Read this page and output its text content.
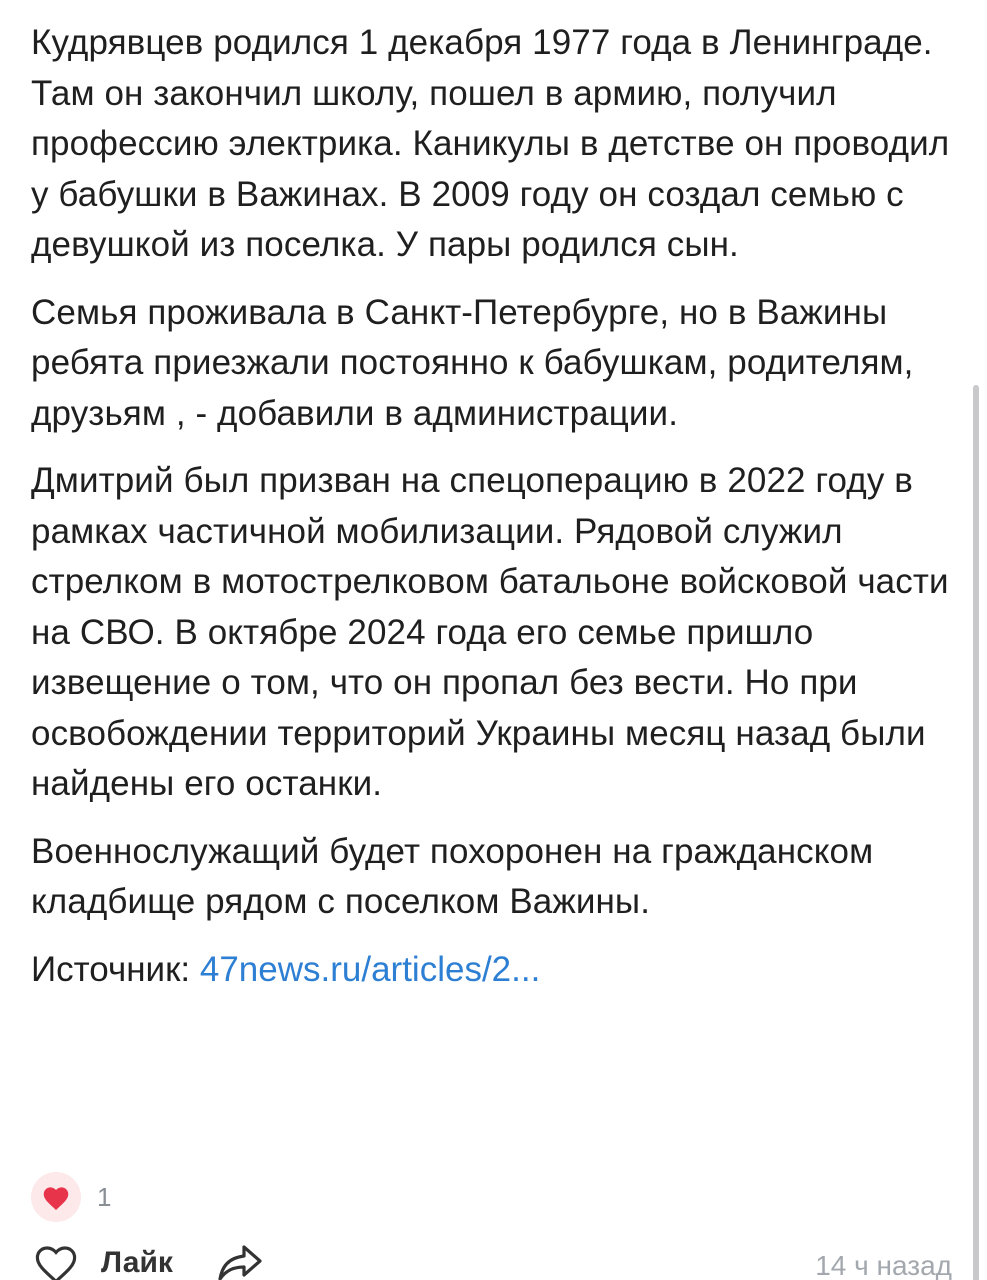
Кудрявцев родился 1 декабря 1977 года в Ленинграде. Там он закончил школу, пошел в армию, получил профессию электрика. Каникулы в детстве он проводил у бабушки в Важинах. В 2009 году он создал семью с девушкой из поселка. У пары родился сын.

Семья проживала в Санкт-Петербурге, но в Важины ребята приезжали постоянно к бабушкам, родителям, друзьям , - добавили в администрации.

Дмитрий был призван на спецоперацию в 2022 году в рамках частичной мобилизации. Рядовой служил стрелком в мотострелковом батальоне войсковой части на СВО. В октябре 2024 года его семье пришло извещение о том, что он пропал без вести. Но при освобождении территорий Украины месяц назад были найдены его останки.

Военнослужащий будет похоронен на гражданском кладбище рядом с поселком Важины.

Источник: 47news.ru/articles/2...
1
Лайк	14 ч назад
